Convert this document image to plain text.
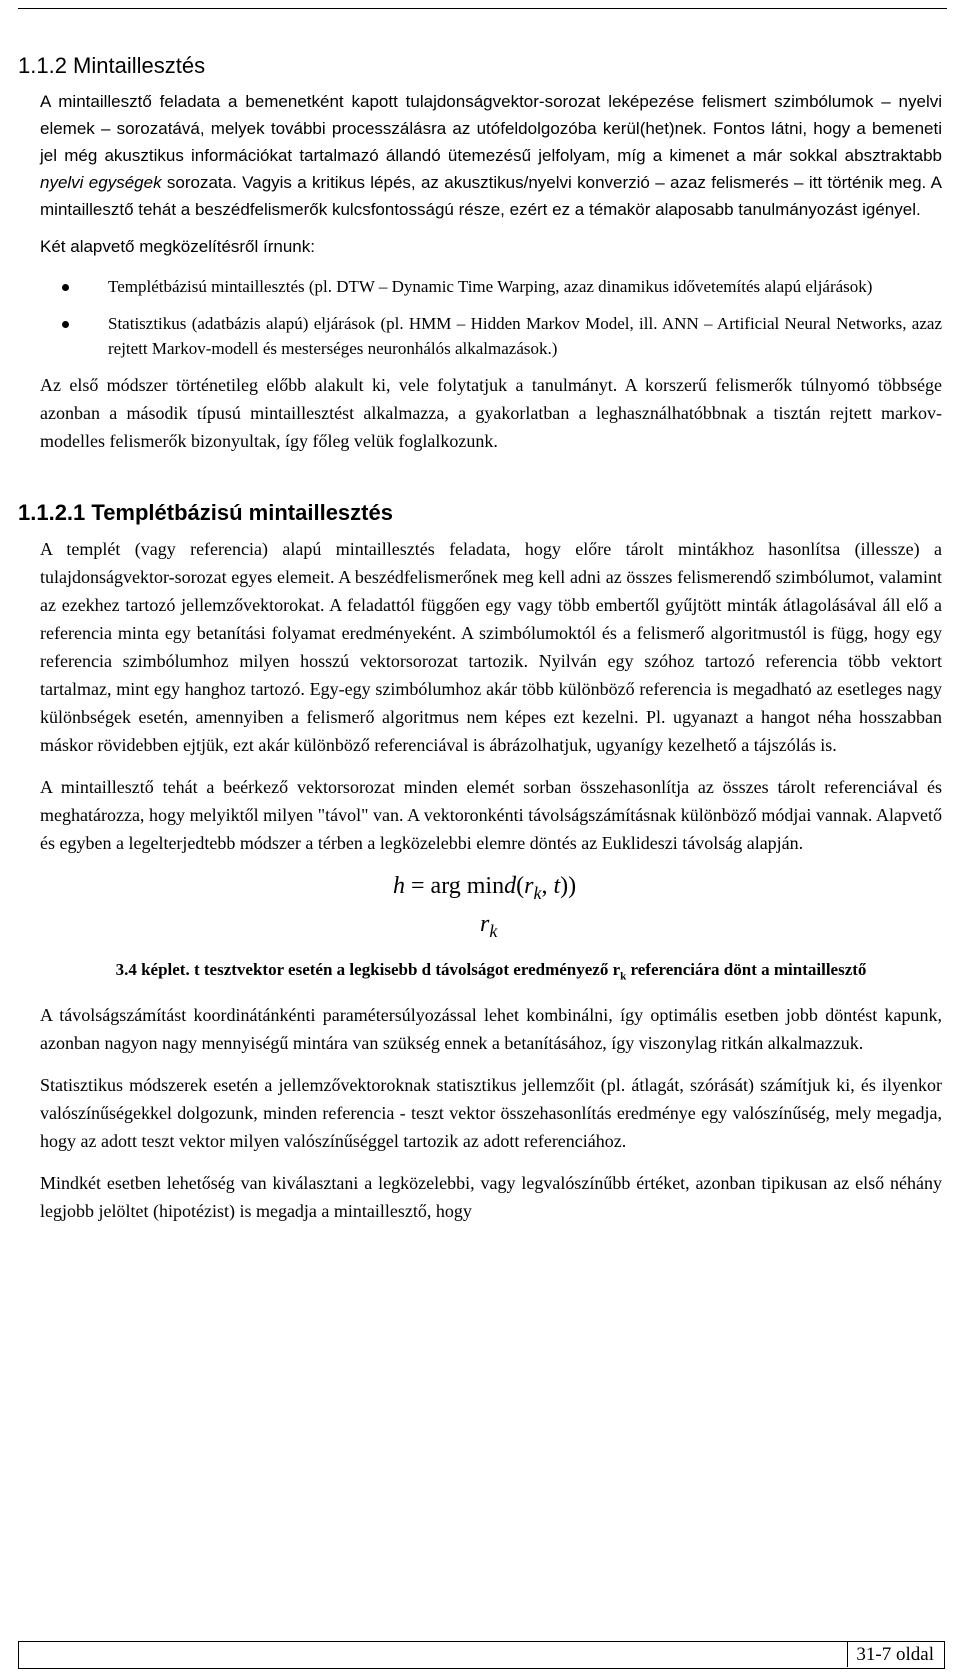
1.1.2 Mintaillesztés

A mintaillesztő feladata a bemenetként kapott tulajdonságvektor-sorozat leképezése felismert szimbólumok – nyelvi elemek – sorozatává, melyek további processzálásra az utófeldolgozóba kerül(het)nek. Fontos látni, hogy a bemeneti jel még akusztikus információkat tartalmazó állandó ütemezésű jelfolyam, míg a kimenet a már sokkal absztraktabb nyelvi egységek sorozata. Vagyis a kritikus lépés, az akusztikus/nyelvi konverzió – azaz felismerés – itt történik meg. A mintaillesztő tehát a beszédfelismerők kulcsfontosságú része, ezért ez a témakör alaposabb tanulmányozást igényel.

Két alapvető megközelítésről írnunk:

Templétbázisú mintaillesztés (pl. DTW – Dynamic Time Warping, azaz dinamikus idővetemítés alapú eljárások)
Statisztikus (adatbázis alapú) eljárások (pl. HMM – Hidden Markov Model, ill. ANN – Artificial Neural Networks, azaz rejtett Markov-modell és mesterséges neuronhálós alkalmazások.)

Az első módszer történetileg előbb alakult ki, vele folytatjuk a tanulmányt. A korszerű felismerők túlnyomó többsége azonban a második típusú mintaillesztést alkalmazza, a gyakorlatban a leghasználhatóbbnak a tisztán rejtett markov-modelles felismerők bizonyultak, így főleg velük foglalkozunk.

1.1.2.1 Templétbázisú mintaillesztés

A templét (vagy referencia) alapú mintaillesztés feladata, hogy előre tárolt mintákhoz hasonlítsa (illessze) a tulajdonságvektor-sorozat egyes elemeit. A beszédfelismerőnek meg kell adni az összes felismerendő szimbólumot, valamint az ezekhez tartozó jellemzővektorokat. A feladattól függően egy vagy több embertől gyűjtött minták átlagolásával áll elő a referencia minta egy betanítási folyamat eredményeként. A szimbólumoktól és a felismerő algoritmustól is függ, hogy egy referencia szimbólumhoz milyen hosszú vektorsorozat tartozik. Nyilván egy szóhoz tartozó referencia több vektort tartalmaz, mint egy hanghoz tartozó. Egy-egy szimbólumhoz akár több különböző referencia is megadható az esetleges nagy különbségek esetén, amennyiben a felismerő algoritmus nem képes ezt kezelni. Pl. ugyanazt a hangot néha hosszabban máskor rövidebben ejtjük, ezt akár különböző referenciával is ábrázolhatjuk, ugyanígy kezelhető a tájszólás is.

A mintaillesztő tehát a beérkező vektorsorozat minden elemét sorban összehasonlítja az összes tárolt referenciával és meghatározza, hogy melyiktől milyen "távol" van. A vektoronkénti távolságszámításnak különböző módjai vannak. Alapvető és egyben a legelterjedtebb módszer a térben a legközelebbi elemre döntés az Euklideszi távolság alapján.

h = arg $\min d(r_k$, t))
$r_k$

3.4 képlet. t tesztvektor esetén a legkisebb d távolságot eredményező $r_k$ referenciára dönt a mintaillesztő

A távolságszámítást koordinátánkénti paramétersúlyozással lehet kombinálni, így optimális esetben jobb döntést kapunk, azonban nagyon nagy mennyiségű mintára van szükség ennek a betanításához, így viszonylag ritkán alkalmazzuk.

Statisztikus módszerek esetén a jellemzővektoroknak statisztikus jellemzőit (pl. átlagát, szórását) számítjuk ki, és ilyenkor valószínűségekkel dolgozunk, minden referencia - teszt vektor összehasonlítás eredménye egy valószínűség, mely megadja, hogy az adott teszt vektor milyen valószínűséggel tartozik az adott referenciához.

Mindkét esetben lehetőség van kiválasztani a legközelebbi, vagy legvalószínűbb értéket, azonban tipikusan az első néhány legjobb jelöltet (hipotézist) is megadja a mintaillesztő, hogy

31-7 oldal
